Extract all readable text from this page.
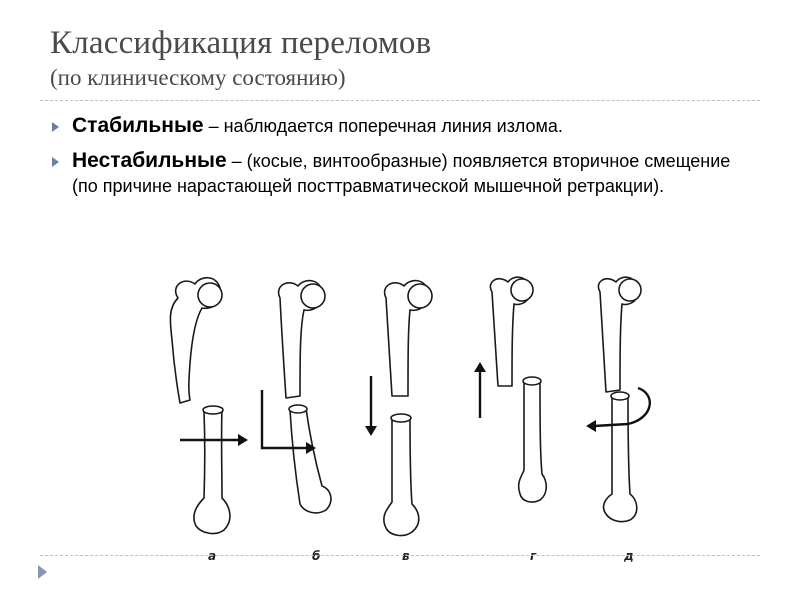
Классификация переломов
(по клиническому состоянию)
Стабильные – наблюдается поперечная линия излома.
Нестабильные – (косые, винтообразные) появляется вторичное смещение (по причине нарастающей посттравматической мышечной ретракции).
а	б	в	г	д
